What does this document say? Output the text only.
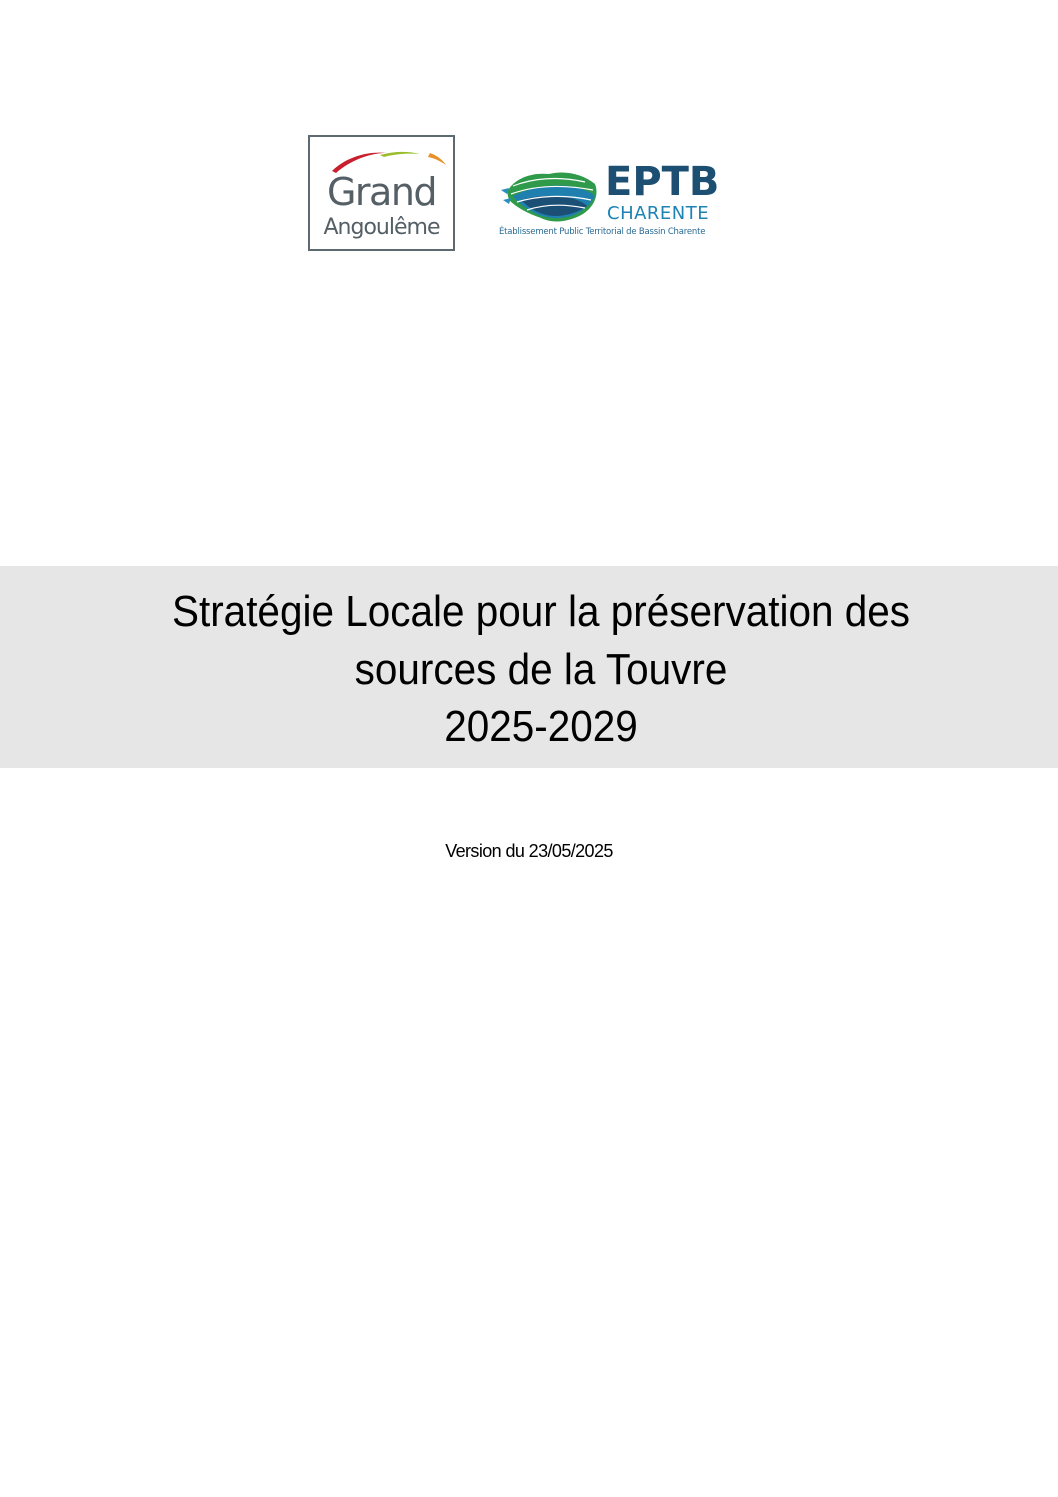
Grand
Angoulême
EPTB
CHARENTE
Établissement Public Territorial de Bassin Charente
Stratégie Locale pour la préservation des
sources de la Touvre
2025-2029
Version du 23/05/2025
